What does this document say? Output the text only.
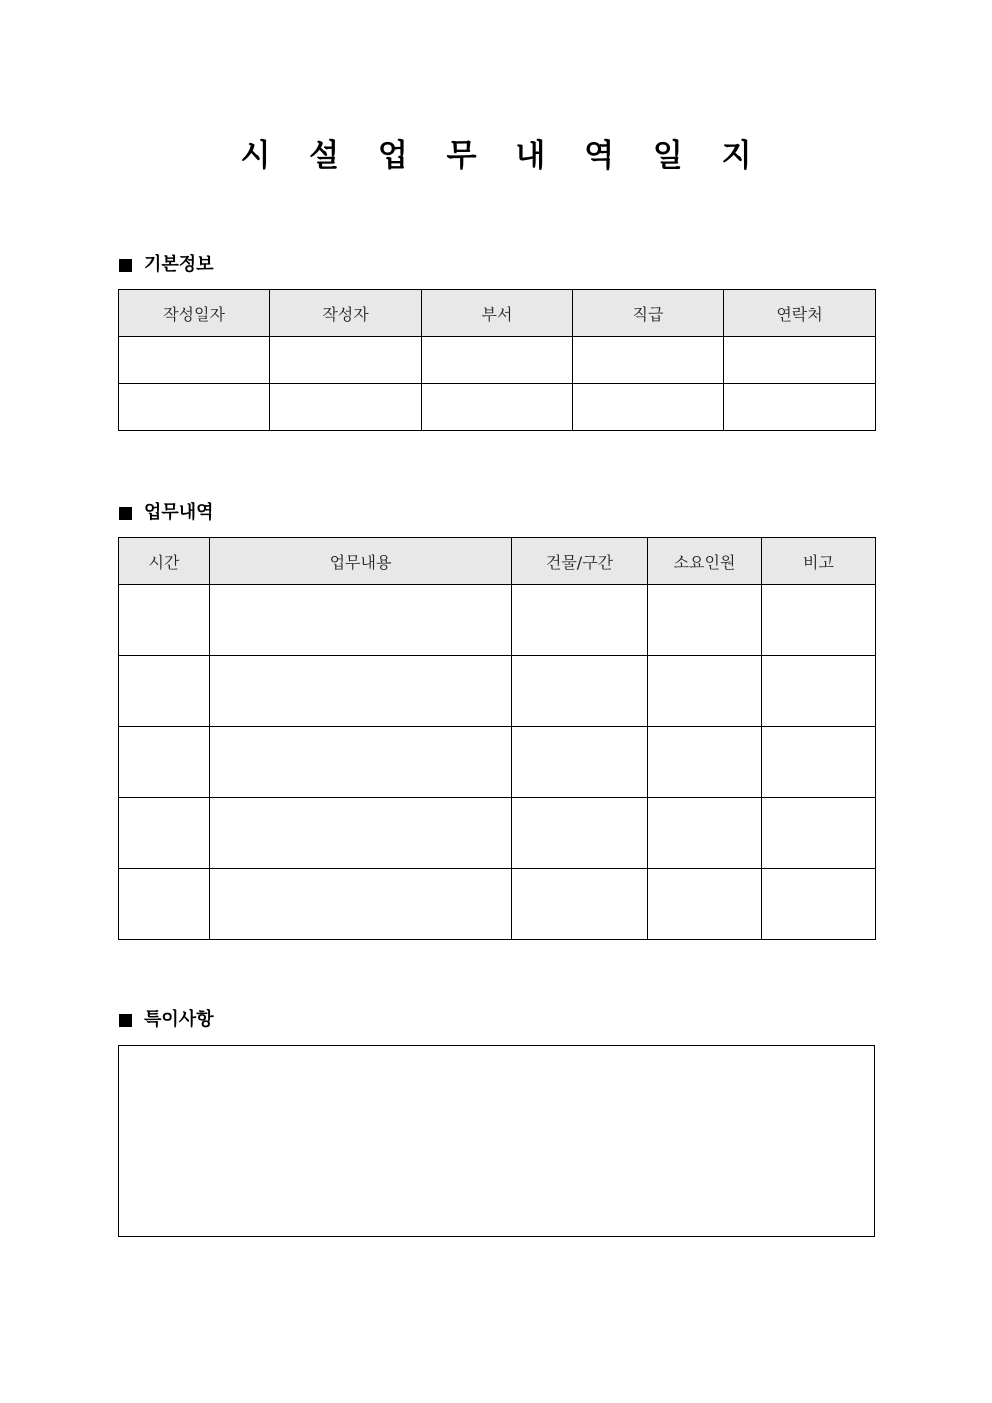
시 설 업 무 내 역 일 지
기본정보
작성일자	작성자	부서	직급	연락처

업무내역
시간	업무내용	건물/구간	소요인원	비고

특이사항
